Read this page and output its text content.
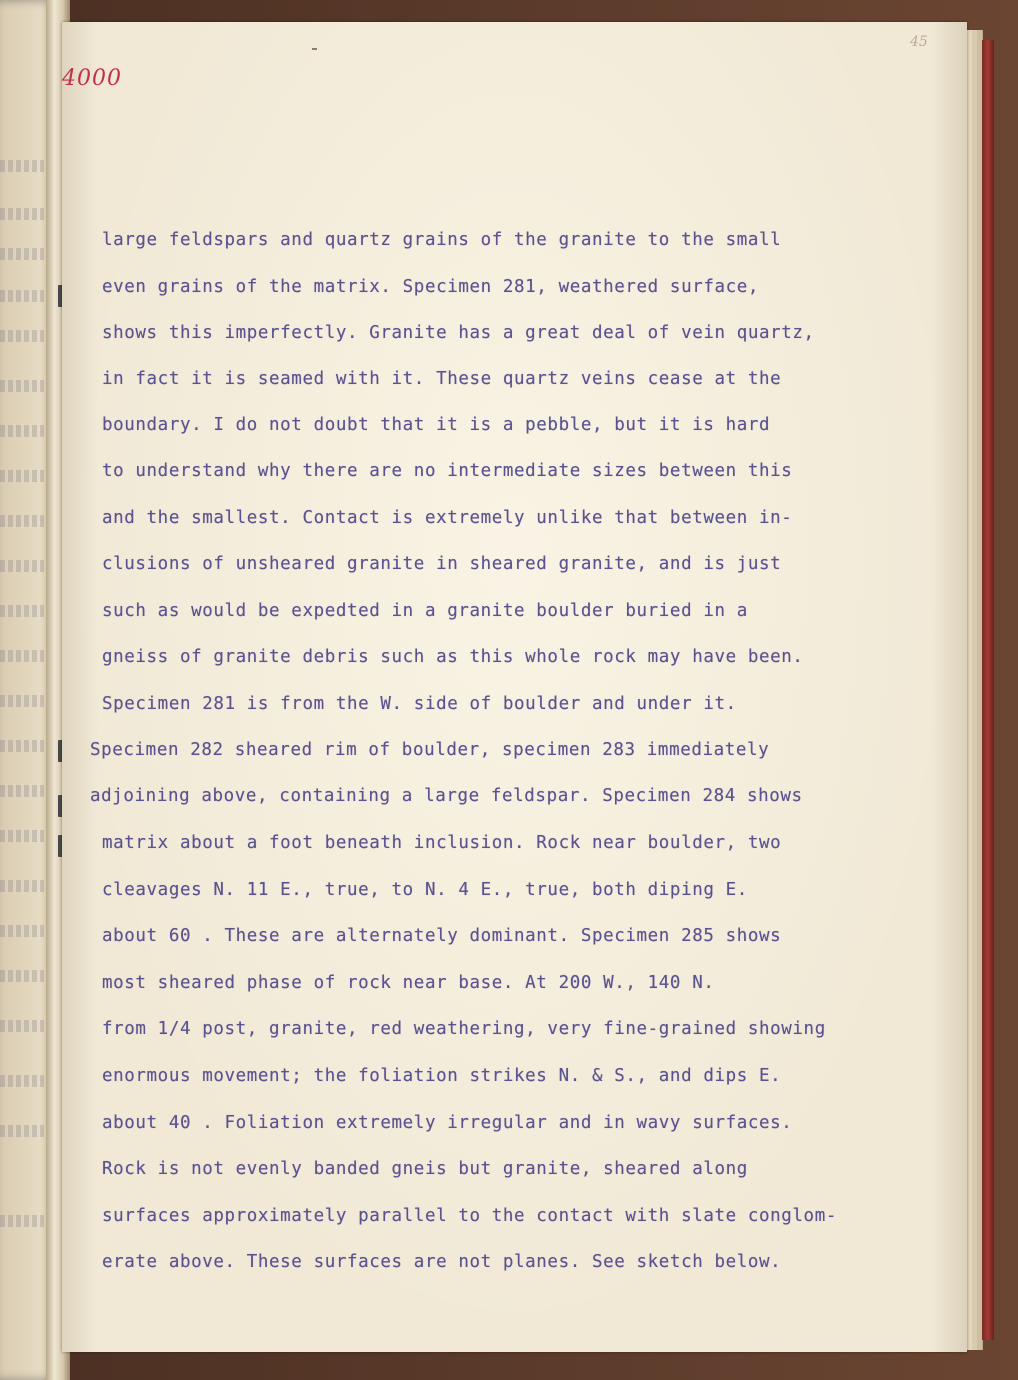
4000
45
large feldspars and quartz grains of the granite to the small
even grains of the matrix. Specimen 281, weathered surface,
shows this imperfectly. Granite has a great deal of vein quartz,
in fact it is seamed with it. These quartz veins cease at the
boundary. I do not doubt that it is a pebble, but it is hard
to understand why there are no intermediate sizes between this
and the smallest. Contact is extremely unlike that between in-
clusions of unsheared granite in sheared granite, and is just
such as would be expedted in a granite boulder buried in a
gneiss of granite debris such as this whole rock may have been.
Specimen 281 is from the W. side of boulder and under it.
Specimen 282 sheared rim of boulder, specimen 283 immediately
adjoining above, containing a large feldspar. Specimen 284 shows
matrix about a foot beneath inclusion. Rock near boulder, two
cleavages N. 11 E., true, to N. 4 E., true, both diping E.
about 60 . These are alternately dominant. Specimen 285 shows
most sheared phase of rock near base. At 200 W., 140 N.
from 1/4 post, granite, red weathering, very fine-grained showing
enormous movement; the foliation strikes N. & S., and dips E.
about 40 . Foliation extremely irregular and in wavy surfaces.
Rock is not evenly banded gneis but granite, sheared along
surfaces approximately parallel to the contact with slate conglom-
erate above. These surfaces are not planes. See sketch below.
